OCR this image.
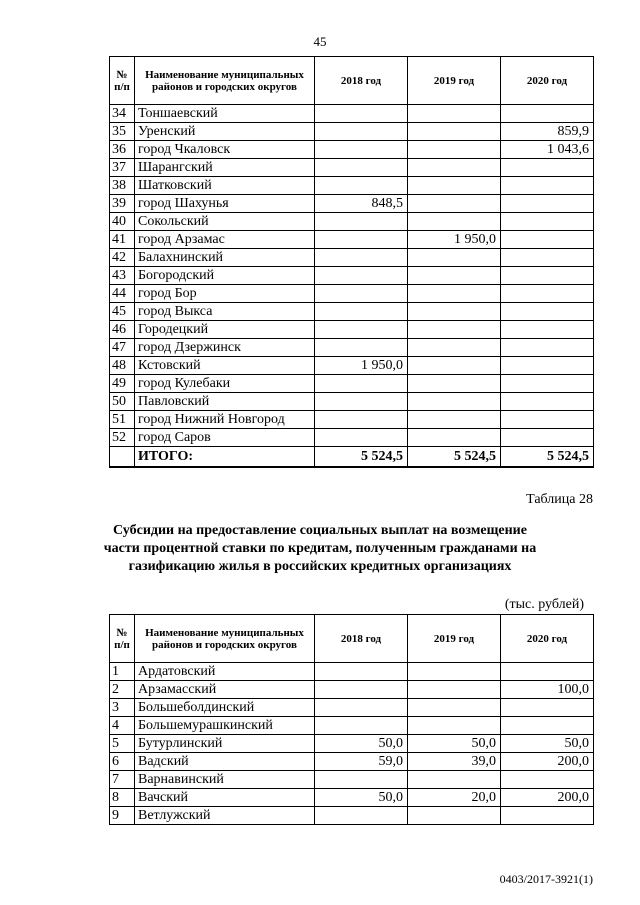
45
№ п/п	Наименование муниципальных районов и городских округов	2018 год	2019 год	2020 год
34	Тоншаевский			
35	Уренский			859,9
36	город Чкаловск			1 043,6
37	Шарангский			
38	Шатковский			
39	город Шахунья	848,5		
40	Сокольский			
41	город Арзамас		1 950,0	
42	Балахнинский			
43	Богородский			
44	город Бор			
45	город Выкса			
46	Городецкий			
47	город Дзержинск			
48	Кстовский	1 950,0		
49	город Кулебаки			
50	Павловский			
51	город Нижний Новгород			
52	город Саров			
	ИТОГО:	5 524,5	5 524,5	5 524,5
Таблица 28
Субсидии на предоставление социальных выплат на возмещение
части процентной ставки по кредитам, полученным гражданами на
газификацию жилья в российских кредитных организациях
(тыс. рублей)
№ п/п	Наименование муниципальных районов и городских округов	2018 год	2019 год	2020 год
1	Ардатовский			
2	Арзамасский			100,0
3	Большеболдинский			
4	Большемурашкинский			
5	Бутурлинский	50,0	50,0	50,0
6	Вадский	59,0	39,0	200,0
7	Варнавинский			
8	Вачский	50,0	20,0	200,0
9	Ветлужский			
0403/2017-3921(1)
